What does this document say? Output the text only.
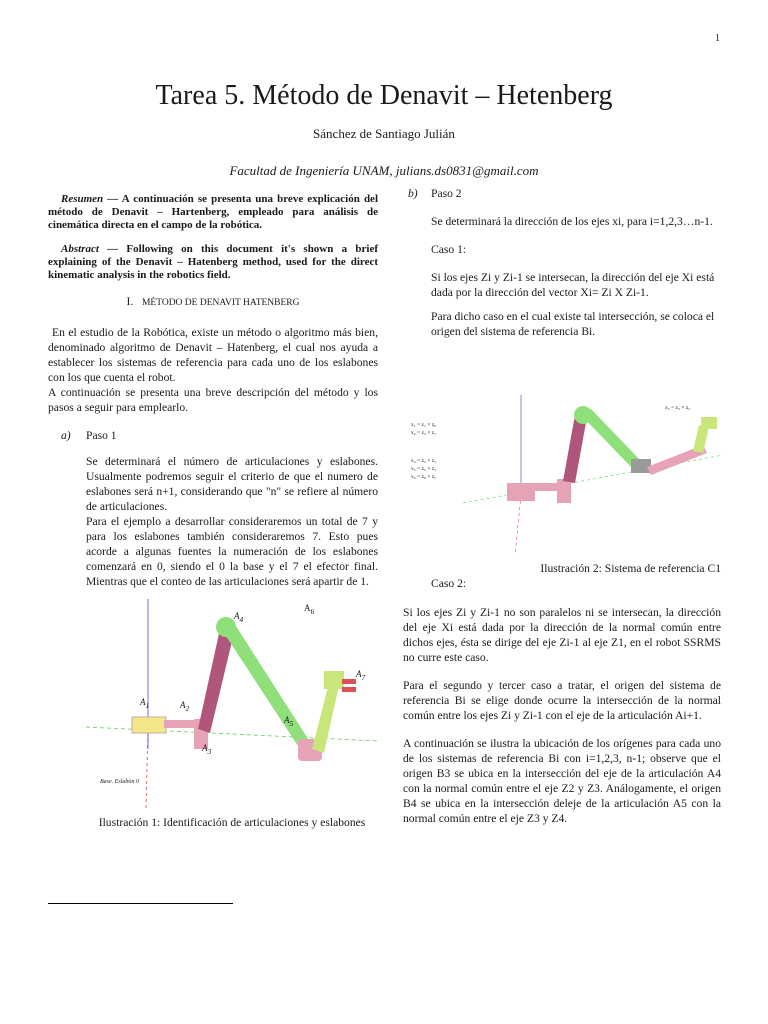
1
Tarea 5. Método de Denavit – Hetenberg
Sánchez de Santiago Julián
Facultad de Ingeniería UNAM, julians.ds0831@gmail.com

Resumen — A continuación se presenta una breve explicación del método de Denavit – Hartenberg, empleado para análisis de cinemática directa en el campo de la robótica.

Abstract — Following on this document it's shown a brief explaining of the Denavit – Hatenberg method, used for the direct kinematic analysis in the robotics field.

I. MÉTODO DE DENAVIT HATENBERG

En el estudio de la Robótica, existe un método o algoritmo más bien, denominado algoritmo de Denavit – Hatenberg, el cual nos ayuda a establecer los sistemas de referencia para cada uno de los eslabones con los que cuenta el robot.

A continuación se presenta una breve descripción del método y los pasos a seguir para emplearlo.

a) Paso 1

Se determinará el número de articulaciones y eslabones. Usualmente podremos seguir el criterio de que el numero de eslabones será n+1, considerando que "n" se refiere al número de articulaciones.

Para el ejemplo a desarrollar consideraremos un total de 7 y para los eslabones también consideraremos 7. Esto pues acorde a algunas fuentes la numeración de los eslabones comenzará en 0, siendo el 0 la base y el 7 el efector final. Mientras que el conteo de las articulaciones será apartir de 1.

$A_1$	$A_2$
$A_3$
$A_4$
$A_5$
$A_6$
$A_7$
Base. Eslabón 0
Ilustración 1: Identificación de articulaciones y eslabones
b) Paso 2

Se determinará la dirección de los ejes xi, para i=1,2,3…n-1.

Caso 1:

Si los ejes Zi y Zi-1 se intersecan, la dirección del eje Xi está dada por la dirección del vector Xi= Zi X Zi-1.

Para dicho caso en el cual existe tal intersección, se coloca el origen del sistema de referencia Bi.

x₁ = z₁ × z₀
x₂ = z₂ × z₁
x₄ = z₄ × z₃
x₅ = z₅ × z₄
x₆ = z₆ × z₅
x₃ = z₃ × z₂
Ilustración 2: Sistema de referencia C1
Caso 2:

Si los ejes Zi y Zi-1 no son paralelos ni se intersecan, la dirección del eje Xi está dada por la dirección de la normal común entre dichos ejes, ésta se dirige del eje Zi-1 al eje Z1, en el robot SSRMS no curre este caso.

Para el segundo y tercer caso a tratar, el origen del sistema de referencia Bi se elige donde ocurre la intersección de la normal común entre los ejes Zi y Zi-1 con el eje de la articulación Ai+1.

A continuación se ilustra la ubicación de los orígenes para cada uno de los sistemas de referencia Bi con i=1,2,3, n-1; observe que el origen B3 se ubica en la intersección del eje de la articulación A4 con la normal común entre el eje Z2 y Z3. Análogamente, el origen B4 se ubica en la intersección deleje de la articulación A5 con la normal común entre el eje Z3 y Z4.
